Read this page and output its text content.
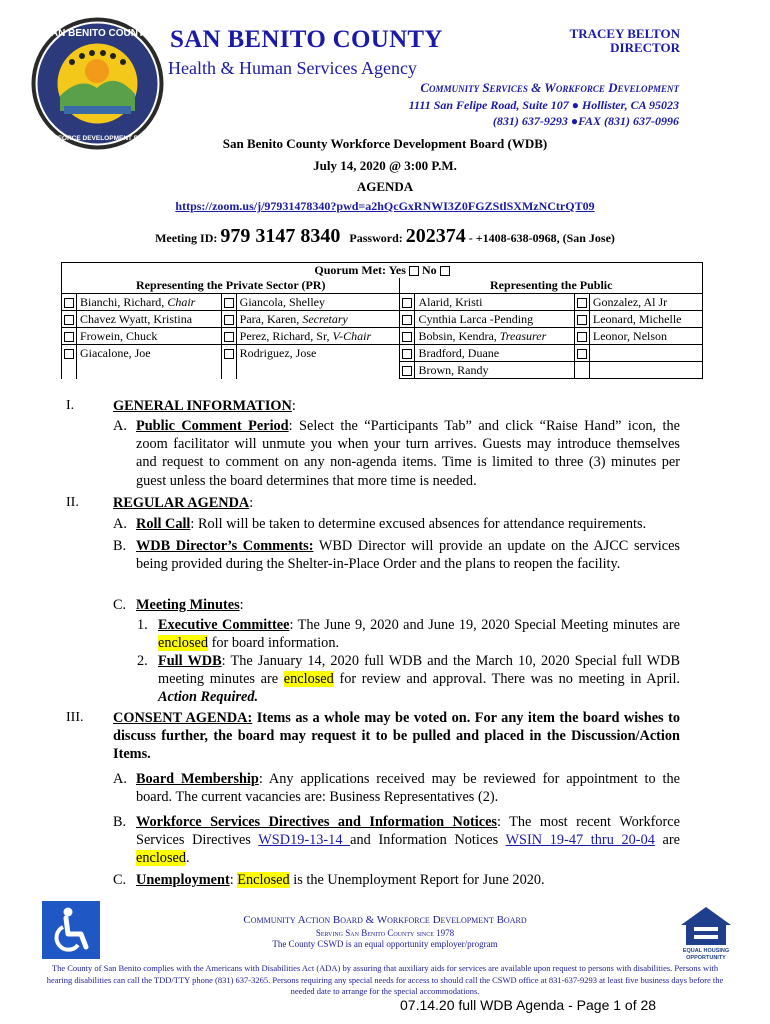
SAN BENITO COUNTY
WORKFORCE DEVELOPMENT BOARD
SAN BENITO COUNTY	TRACEY BELTON
DIRECTOR
Health & Human Services Agency
Community Services & Workforce Development
1111 San Felipe Road, Suite 107 ● Hollister, CA 95023
(831) 637-9293 ●FAX (831) 637-0996
San Benito County Workforce Development Board (WDB)
July 14, 2020 @ 3:00 P.M.
AGENDA
https://zoom.us/j/97931478340?pwd=a2hQcGxRNWI3Z0FGZStlSXMzNCtrQT09
Meeting ID: 979 3147 8340 Password: 202374 - +1408-638-0968, (San Jose)
Quorum Met: Yes No							
Representing the Private Sector (PR)				Representing the Public			
	Bianchi, Richard, Chair		Giancola, Shelley		Alarid, Kristi		Gonzalez, Al Jr
	Chavez Wyatt, Kristina		Para, Karen, Secretary		Cynthia Larca -Pending		Leonard, Michelle
	Frowein, Chuck		Perez, Richard, Sr, V-Chair		Bobsin, Kendra, Treasurer		Leonor, Nelson
	Giacalone, Joe		Rodriguez, Jose		Bradford, Duane		
					Brown, Randy		
I.	GENERAL INFORMATION:
A. Public Comment Period: Select the “Participants Tab” and click “Raise Hand” icon, the zoom facilitator will unmute you when your turn arrives. Guests may introduce themselves and request to comment on any non-agenda items. Time is limited to three (3) minutes per guest unless the board determines that more time is needed.
II. REGULAR AGENDA:
A. Roll Call: Roll will be taken to determine excused absences for attendance requirements.
B. WDB Director’s Comments: WBD Director will provide an update on the AJCC services being provided during the Shelter-in-Place Order and the plans to reopen the facility.
C. Meeting Minutes:
1. Executive Committee: The June 9, 2020 and June 19, 2020 Special Meeting minutes are enclosed for board information.
2. Full WDB: The January 14, 2020 full WDB and the March 10, 2020 Special full WDB meeting minutes are enclosed for review and approval. There was no meeting in April. Action Required.
III. CONSENT AGENDA: Items as a whole may be voted on. For any item the board wishes to discuss further, the board may request it to be pulled and placed in the Discussion/Action Items.
A. Board Membership: Any applications received may be reviewed for appointment to the board. The current vacancies are: Business Representatives (2).
B. Workforce Services Directives and Information Notices: The most recent Workforce Services Directives WSD19-13-14 and Information Notices WSIN 19-47 thru 20-04 are enclosed.
C. Unemployment: Enclosed is the Unemployment Report for June 2020.
EQUAL HOUSING
OPPORTUNITY
Community Action Board & Workforce Development Board
Serving San Benito County since 1978
The County CSWD is an equal opportunity employer/program
The County of San Benito complies with the Americans with Disabilities Act (ADA) by assuring that auxiliary aids for services are available upon request to persons with disabilities. Persons with hearing disabilities can call the TDD/TTY phone (831) 637-3265. Persons requiring any special needs for access to should call the CSWD office at 831-637-9293 at least five business days before the needed date to arrange for the special accommodations.
07.14.20 full WDB Agenda - Page 1 of 28
